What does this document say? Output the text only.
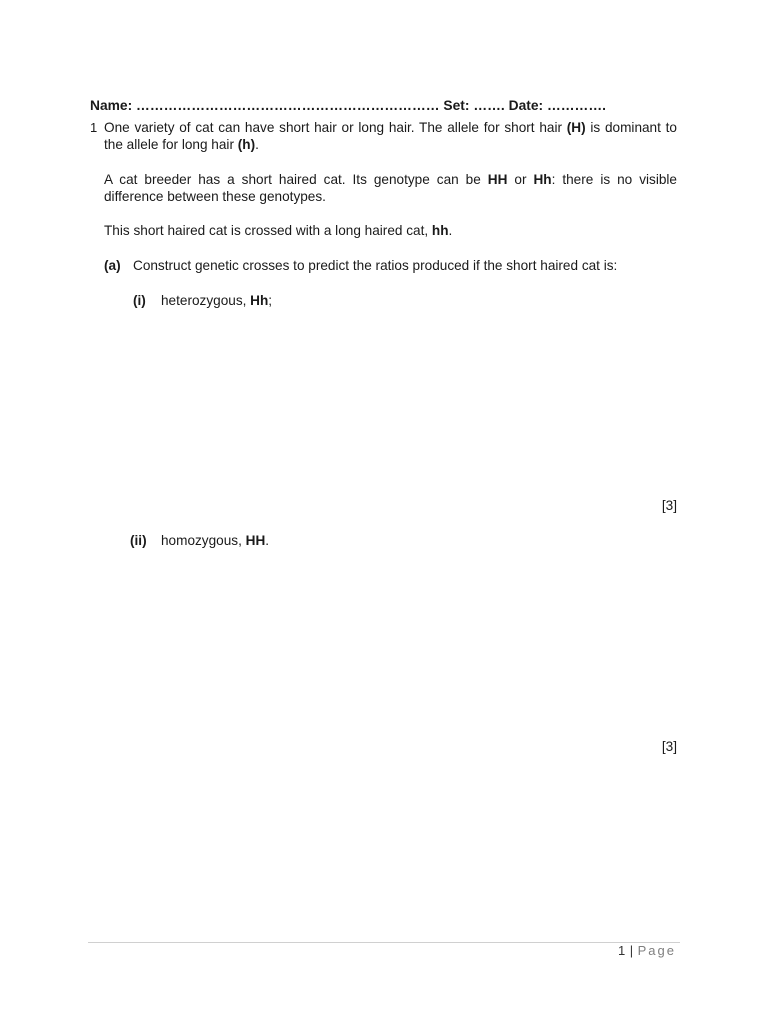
Name: ………………………………………………………… Set: ……. Date: ………….
1 One variety of cat can have short hair or long hair. The allele for short hair (H) is dominant to the allele for long hair (h).
A cat breeder has a short haired cat. Its genotype can be HH or Hh: there is no visible difference between these genotypes.
This short haired cat is crossed with a long haired cat, hh.
(a) Construct genetic crosses to predict the ratios produced if the short haired cat is:
(i) heterozygous, Hh;
[3]
(ii) homozygous, HH.
[3]
1 | Page
